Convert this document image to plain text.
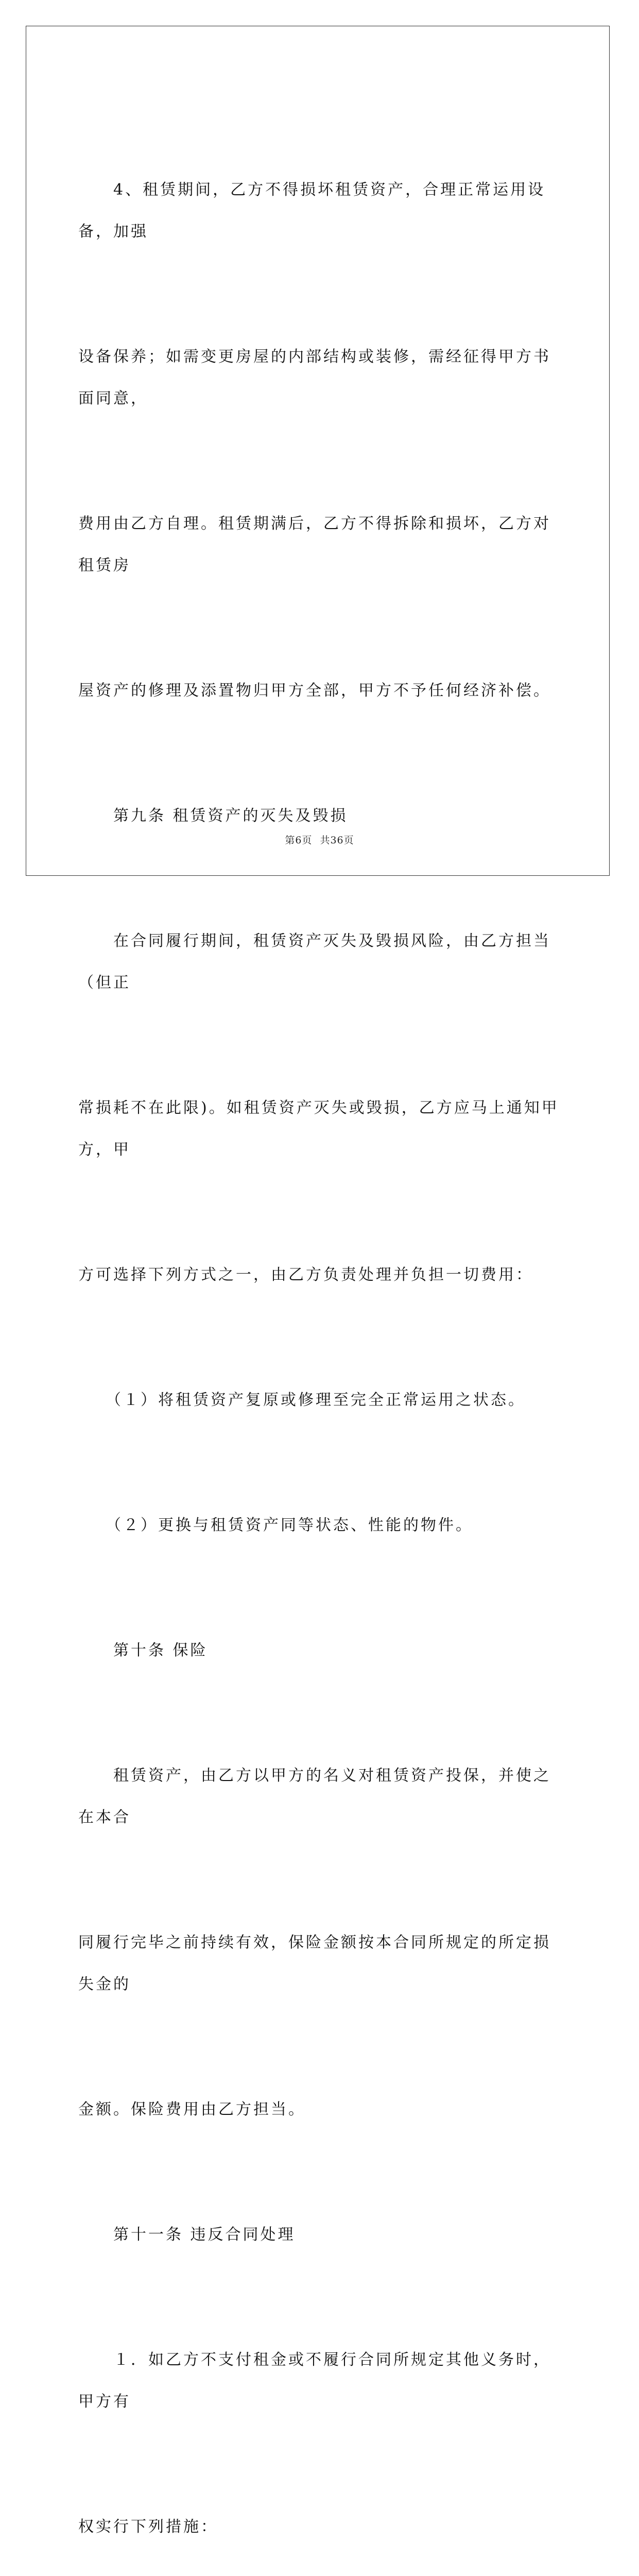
　　4、租赁期间，乙方不得损坏租赁资产，合理正常运用设备，加强

设备保养；如需变更房屋的内部结构或装修，需经征得甲方书面同意，

费用由乙方自理。租赁期满后，乙方不得拆除和损坏，乙方对租赁房

屋资产的修理及添置物归甲方全部，甲方不予任何经济补偿。

　　第九条 租赁资产的灭失及毁损

　　在合同履行期间，租赁资产灭失及毁损风险，由乙方担当（但正

常损耗不在此限)。如租赁资产灭失或毁损，乙方应马上通知甲方，甲

方可选择下列方式之一，由乙方负责处理并负担一切费用：

　　（１）将租赁资产复原或修理至完全正常运用之状态。

　　（２）更换与租赁资产同等状态、性能的物件。

　　第十条 保险

　　租赁资产，由乙方以甲方的名义对租赁资产投保，并使之在本合

同履行完毕之前持续有效，保险金额按本合同所规定的所定损失金的

金额。保险费用由乙方担当。

　　第十一条 违反合同处理

　　１．如乙方不支付租金或不履行合同所规定其他义务时，甲方有

权实行下列措施：

第6页 共36页
